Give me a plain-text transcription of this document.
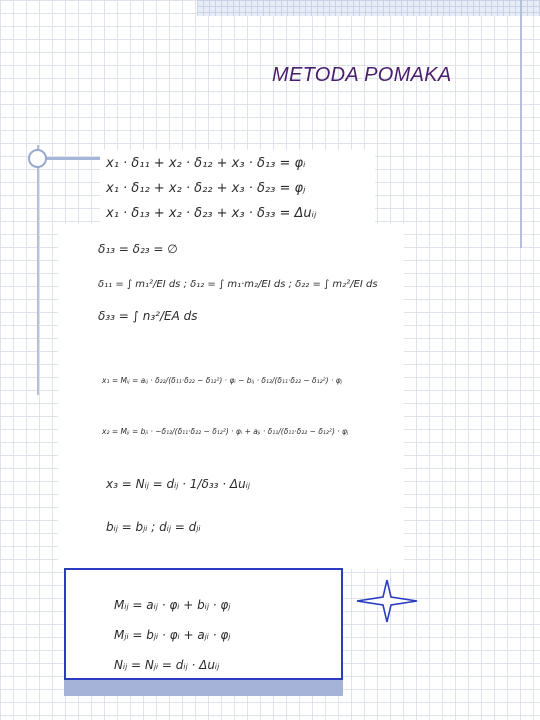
METODA POMAKA
x₁ · δ₁₁ + x₂ · δ₁₂ + x₃ · δ₁₃ = φᵢ
x₁ · δ₁₂ + x₂ · δ₂₂ + x₃ · δ₂₃ = φⱼ
x₁ · δ₁₃ + x₂ · δ₂₃ + x₃ · δ₃₃ = Δuᵢⱼ
δ₁₃ = δ₂₃ = ∅
δ₁₁ = ∫ m₁²/EI ds ; δ₁₂ = ∫ m₁·m₂/EI ds ; δ₂₂ = ∫ m₂²/EI ds
δ₃₃ = ∫ n₃²/EA ds
x₁ = Mᵢⱼ = aᵢⱼ · δ₂₂/(δ₁₁·δ₂₂ − δ₁₂²) · φᵢ − bᵢⱼ · δ₁₂/(δ₁₁·δ₂₂ − δ₁₂²) · φⱼ
x₂ = Mⱼᵢ = bⱼᵢ · −δ₁₂/(δ₁₁·δ₂₂ − δ₁₂²) · φᵢ + aⱼᵢ · δ₁₁/(δ₁₁·δ₂₂ − δ₁₂²) · φⱼ
x₃ = Nᵢⱼ = dᵢⱼ · 1/δ₃₃ · Δuᵢⱼ
bᵢⱼ = bⱼᵢ ; dᵢⱼ = dⱼᵢ
Mᵢⱼ = aᵢⱼ · φᵢ + bᵢⱼ · φⱼ
Mⱼᵢ = bⱼᵢ · φᵢ + aⱼᵢ · φⱼ
Nᵢⱼ = Nⱼᵢ = dᵢⱼ · Δuᵢⱼ
